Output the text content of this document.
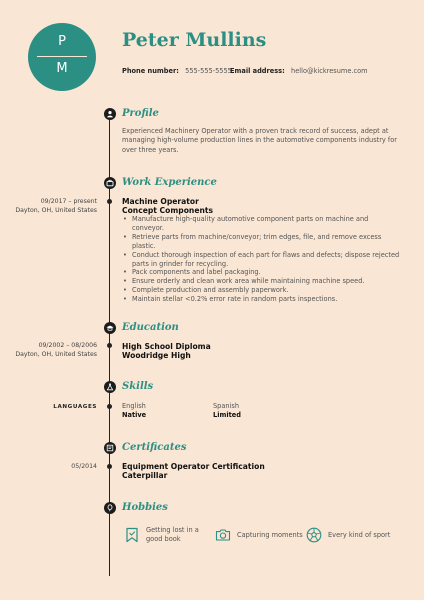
P
M
Peter Mullins
Phone number: 555-555-5555
Email address: hello@kickresume.com
Profile
Experienced Machinery Operator with a proven track record of success, adept at managing high-volume production lines in the automotive components industry for over three years.
Work Experience
09/2017 – present
Dayton, OH, United States
Machine Operator
Concept Components
• Manufacture high-quality automotive component parts on machine and conveyor.
• Retrieve parts from machine/conveyor; trim edges, file, and remove excess plastic.
• Conduct thorough inspection of each part for flaws and defects; dispose rejected parts in grinder for recycling.
• Pack components and label packaging.
• Ensure orderly and clean work area while maintaining machine speed.
• Complete production and assembly paperwork.
• Maintain stellar <0.2% error rate in random parts inspections.
Education
09/2002 – 08/2006
Dayton, OH, United States
High School Diploma
Woodridge High
Skills
LANGUAGES	English
Native
Spanish
Limited
Certificates
05/2014	Equipment Operator Certification
Caterpillar
Hobbies
Getting lost in a good book	Capturing moments	Every kind of sport
